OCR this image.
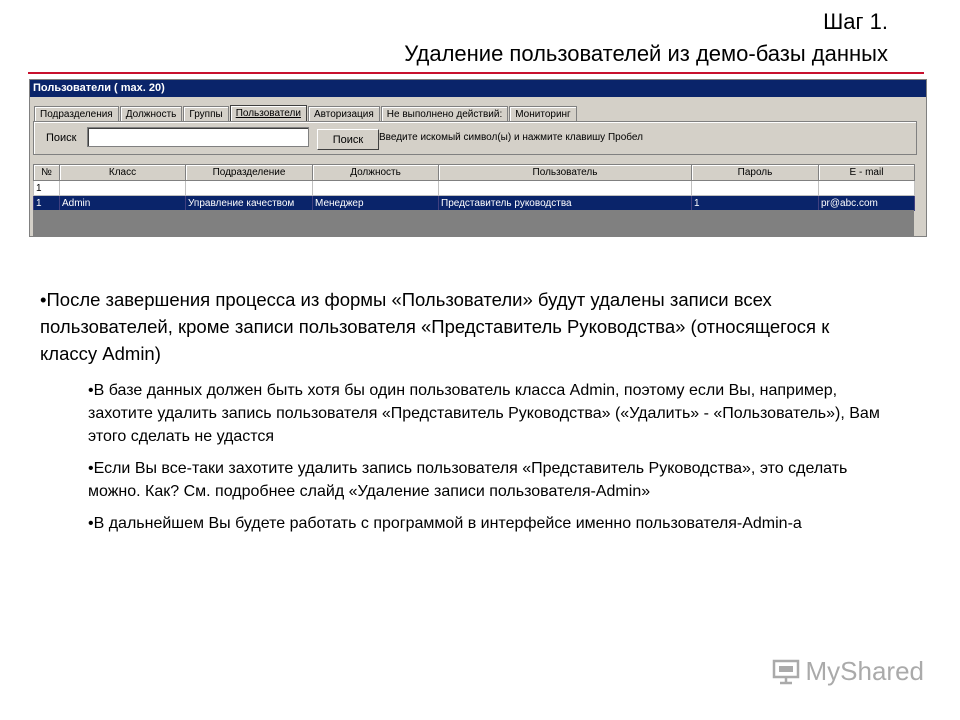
Шаг 1.
Удаление пользователей из демо-базы данных
Пользователи ( max. 20)
Подразделения	Должность	Группы	Пользователи	Авторизация	Не выполнено действий:	Мониторинг
Поиск	Поиск	Введите искомый символ(ы) и нажмите клавишу Пробел
№	Класс	Подразделение	Должность	Пользователь	Пароль	E - mail
1						
1	Admin	Управление качеством	Менеджер	Представитель руководства	1	pr@abc.com

•После завершения процесса из формы «Пользователи» будут удалены записи всех пользователей, кроме записи пользователя «Представитель Руководства» (относящегося к классу Admin)

•В базе данных должен быть хотя бы один пользователь класса Admin, поэтому если Вы, например, захотите удалить запись пользователя «Представитель Руководства» («Удалить» - «Пользователь»), Вам этого сделать не удастся

•Если Вы все-таки захотите удалить запись пользователя «Представитель Руководства», это сделать можно. Как? См. подробнее слайд «Удаление записи пользователя-Admin»

•В дальнейшем Вы будете работать с программой в интерфейсе именно пользователя-Admin-а

MyShared
